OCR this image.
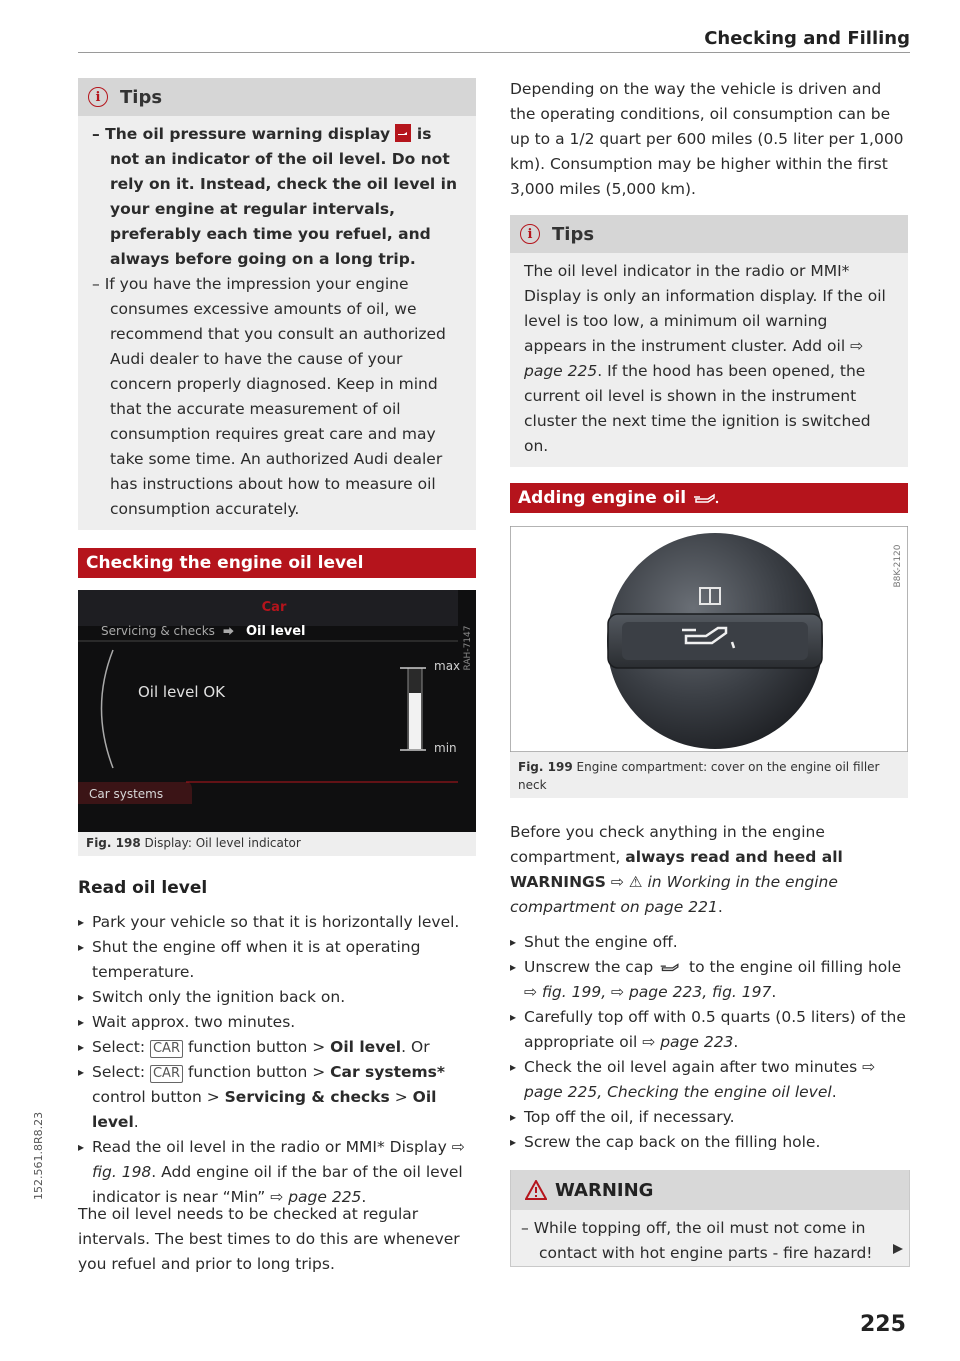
Checking and Filling
152.561.8R8.23
i	Tips

– The oil pressure warning display is not an indicator of the oil level. Do not rely on it. Instead, check the oil level in your engine at regular intervals, preferably each time you refuel, and always before going on a long trip.

– If you have the impression your engine consumes excessive amounts of oil, we recommend that you consult an authorized Audi dealer to have the cause of your concern properly diagnosed. Keep in mind that the accurate measurement of oil consumption requires great care and may take some time. An authorized Audi dealer has instructions about how to measure oil consumption accurately.

Checking the engine oil level
Car
Servicing & checks ⮕ Oil level
Oil level OK
max
min
Car systems
RAH-7147
Fig. 198 Display: Oil level indicator
Read oil level

▸ Park your vehicle so that it is horizontally level.

▸ Shut the engine off when it is at operating temperature.

▸ Switch only the ignition back on.

▸ Wait approx. two minutes.

▸ Select: CAR function button > Oil level. Or

▸ Select: CAR function button > Car systems* control button > Servicing & checks > Oil level.

▸ Read the oil level in the radio or MMI* Display ⇨ fig. 198. Add engine oil if the bar of the oil level indicator is near “Min” ⇨ page 225.

The oil level needs to be checked at regular intervals. The best times to do this are whenever you refuel and prior to long trips.
Depending on the way the vehicle is driven and the operating conditions, oil consumption can be up to a 1/2 quart per 600 miles (0.5 liter per 1,000 km). Consumption may be higher within the first 3,000 miles (5,000 km).
i	Tips

The oil level indicator in the radio or MMI* Display is only an information display. If the oil level is too low, a minimum oil warning appears in the instrument cluster. Add oil ⇨ page 225. If the hood has been opened, the current oil level is shown in the instrument cluster the next time the ignition is switched on.

Adding engine oil
B8K-2120
Fig. 199 Engine compartment: cover on the engine oil filler neck

Before you check anything in the engine compartment, always read and heed all WARNINGS ⇨ ⚠ in Working in the engine compartment on page 221.

▸ Shut the engine off.

▸ Unscrew the cap to the engine oil filling hole ⇨ fig. 199, ⇨ page 223, fig. 197.

▸ Carefully top off with 0.5 quarts (0.5 liters) of the appropriate oil ⇨ page 223.

▸ Check the oil level again after two minutes ⇨ page 225, Checking the engine oil level.

▸ Top off the oil, if necessary.

▸ Screw the cap back on the filling hole.

WARNING

– While topping off, the oil must not come in contact with hot engine parts - fire hazard!

225
